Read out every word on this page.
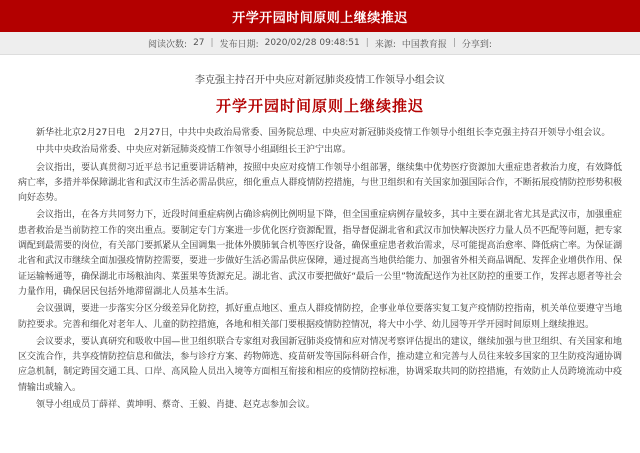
开学开园时间原则上继续推迟
阅读次数: 27 | 发布日期: 2020/02/28 09:48:51 | 来源: 中国教育报 | 分享到:
李克强主持召开中央应对新冠肺炎疫情工作领导小组会议
开学开园时间原则上继续推迟

新华社北京2月27日电　2月27日，中共中央政治局常委、国务院总理、中央应对新冠肺炎疫情工作领导小组组长李克强主持召开领导小组会议。

中共中央政治局常委、中央应对新冠肺炎疫情工作领导小组副组长王沪宁出席。

会议指出，要认真贯彻习近平总书记重要讲话精神，按照中央应对疫情工作领导小组部署，继续集中优势医疗资源加大重症患者救治力度，有效降低病亡率，多措并举保障湖北省和武汉市生活必需品供应，细化重点人群疫情防控措施，与世卫组织和有关国家加强国际合作，不断拓展疫情防控形势积极向好态势。

会议指出，在各方共同努力下，近段时间重症病例占确诊病例比例明显下降，但全国重症病例存量较多，其中主要在湖北省尤其是武汉市，加强重症患者救治是当前防控工作的突出重点。要制定专门方案进一步优化医疗资源配置，指导督促湖北省和武汉市加快解决医疗力量人员不匹配等问题，把专家调配到最需要的岗位，有关部门要抓紧从全国调集一批体外膜肺氧合机等医疗设备，确保重症患者救治需求，尽可能提高治愈率、降低病亡率。为保证湖北省和武汉市继续全面加强疫情防控需要，要进一步做好生活必需品供应保障，通过提高当地供给能力、加强省外相关商品调配、发挥企业增供作用、保证运输畅通等，确保湖北市场粮油肉、菜蛋果等货源充足。湖北省、武汉市要把做好“最后一公里”物流配送作为社区防控的重要工作，发挥志愿者等社会力量作用，确保居民包括外地滞留湖北人员基本生活。

会议强调，要进一步落实分区分级差异化防控，抓好重点地区、重点人群疫情防控，企事业单位要落实复工复产疫情防控指南，机关单位要遵守当地防控要求。完善和细化对老年人、儿童的防控措施，各地和相关部门要根据疫情防控情况，将大中小学、幼儿园等开学开园时间原则上继续推迟。

会议要求，要认真研究和吸收中国—世卫组织联合专家组对我国新冠肺炎疫情和应对情况考察评估提出的建议，继续加强与世卫组织、有关国家和地区交流合作，共享疫情防控信息和做法，参与诊疗方案、药物筛选、疫苗研发等国际科研合作，推动建立和完善与人员往来较多国家的卫生防疫沟通协调应急机制，制定跨国交通工具、口岸、高风险人员出入境等方面相互衔接和相应的疫情防控标准，协调采取共同的防控措施，有效防止人员跨境流动中疫情输出或输入。

领导小组成员丁薛祥、黄坤明、蔡奇、王毅、肖捷、赵克志参加会议。
